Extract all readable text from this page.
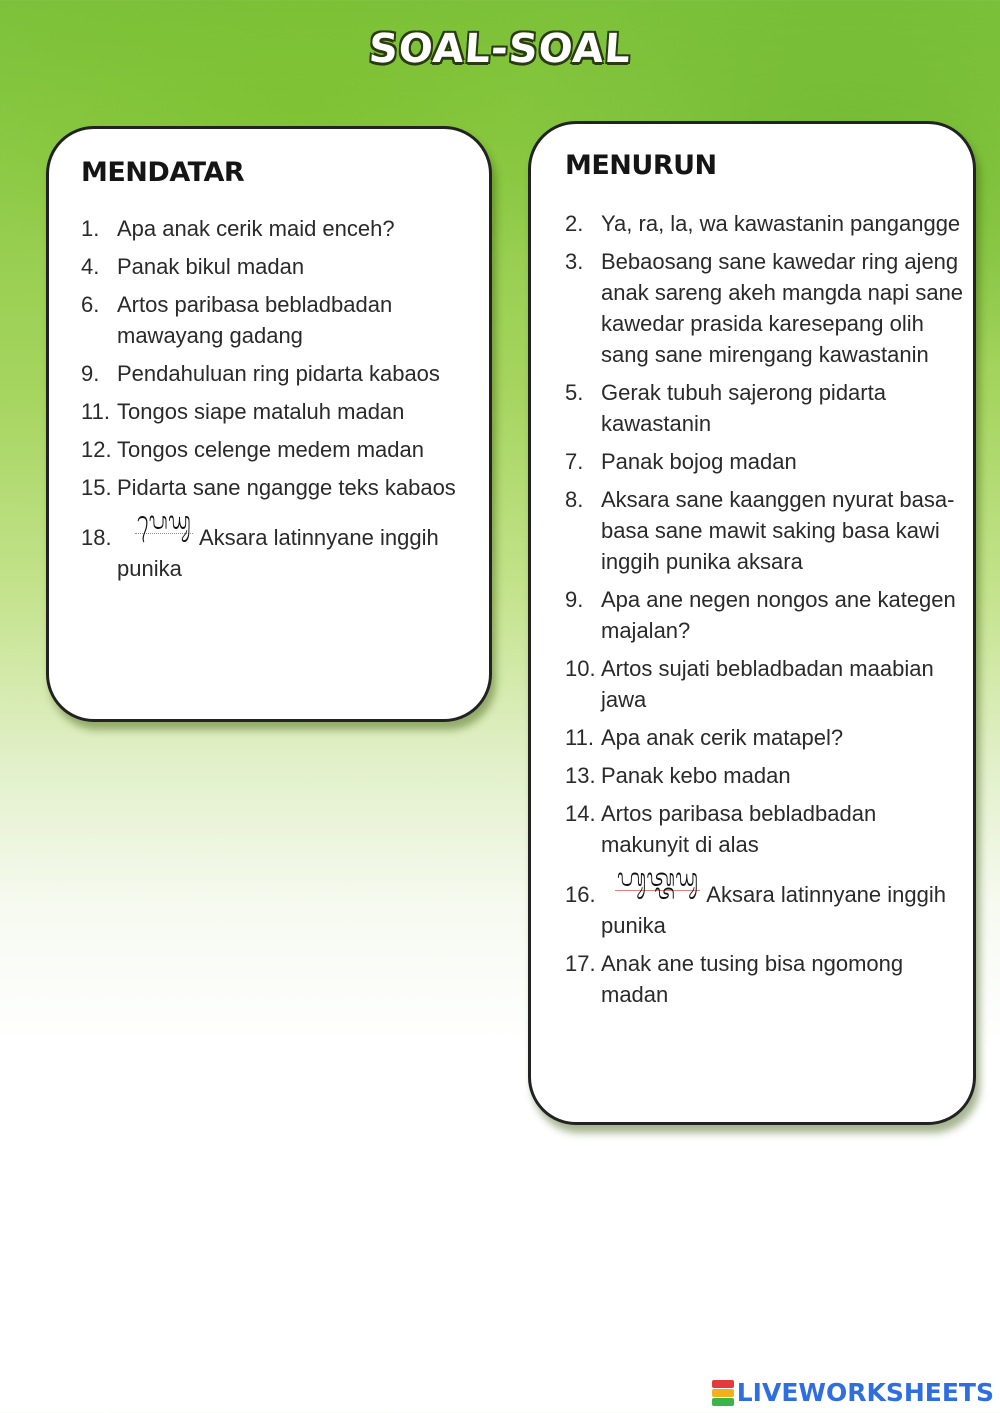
SOAL-SOAL
MENDATAR
1. Apa anak cerik maid enceh?
4. Panak bikul madan
6. Artos paribasa bebladbadan mawayang gadang
9. Pendahuluan ring pidarta kabaos
11. Tongos siape mataluh madan
12. Tongos celenge medem madan
15. Pidarta sane ngangge teks kabaos
18.
ᬧᬾᬬᬸAksara latinnyane inggih punika
MENURUN
2. Ya, ra, la, wa kawastanin pangangge
3. Bebaosang sane kawedar ring ajeng anak sareng akeh mangda napi sane kawedar prasida karesepang olih sang sane mirengang kawastanin
5. Gerak tubuh sajerong pidarta kawastanin
7. Panak bojog madan
8. Aksara sane kaanggen nyurat basa-basa sane mawit saking basa kawi inggih punika aksara
9. Apa ane negen nongos ane kategen majalan?
10. Artos sujati bebladbadan maabian jawa
11. Apa anak cerik matapel?
13. Panak kebo madan
14. Artos paribasa bebladbadan makunyit di alas
16.
ᬳᬸᬢ᭄ᬢᬬᬸAksara latinnyane inggih punika
17. Anak ane tusing bisa ngomong madan
LIVEWORKSHEETS
